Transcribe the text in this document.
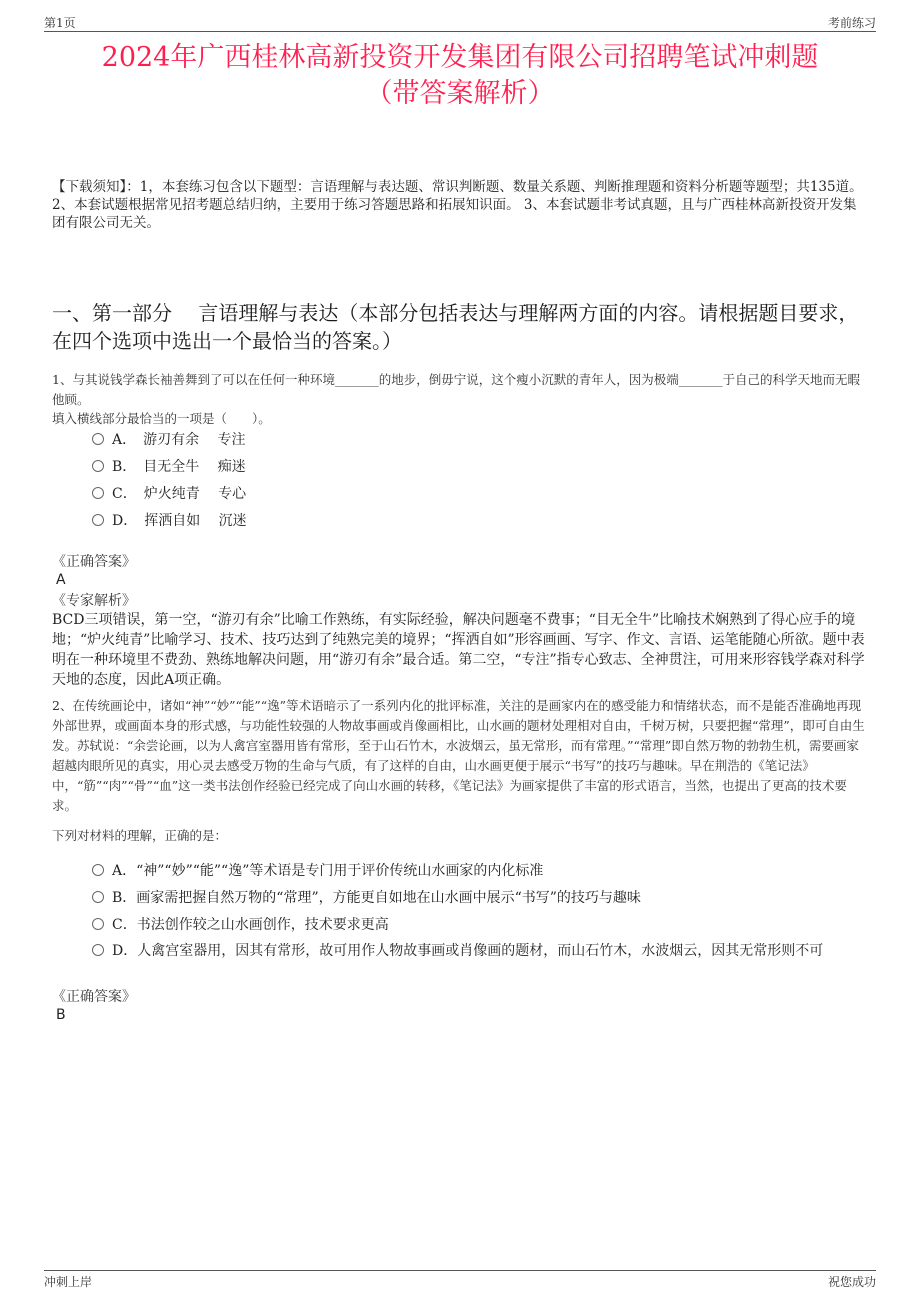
第1页	考前练习
2024年广西桂林高新投资开发集团有限公司招聘笔试冲刺题
（带答案解析）
【下载须知】：1，本套练习包含以下题型：言语理解与表达题、常识判断题、数量关系题、判断推理题和资料分析题等题型；共135道。 2、本套试题根据常见招考题总结归纳，主要用于练习答题思路和拓展知识面。 3、本套试题非考试真题，且与广西桂林高新投资开发集团有限公司无关。
一、第一部分　 言语理解与表达（本部分包括表达与理解两方面的内容。请根据题目要求，在四个选项中选出一个最恰当的答案。）
1、与其说钱学森长袖善舞到了可以在任何一种环境_______的地步，倒毋宁说，这个瘦小沉默的青年人，因为极端_______于自己的科学天地而无暇他顾。
填入横线部分最恰当的一项是（　　）。
A．　游刃有余　 专注
B．　目无全牛　 痴迷
C．　炉火纯青　 专心
D．　挥洒自如　 沉迷
《正确答案》
A
《专家解析》
BCD三项错误，第一空，“游刃有余”比喻工作熟练，有实际经验，解决问题毫不费事；“目无全牛”比喻技术娴熟到了得心应手的境地；“炉火纯青”比喻学习、技术、技巧达到了纯熟完美的境界；“挥洒自如”形容画画、写字、作文、言语、运笔能随心所欲。题中表明在一种环境里不费劲、熟练地解决问题，用“游刃有余”最合适。第二空，“专注”指专心致志、全神贯注，可用来形容钱学森对科学天地的态度，因此A项正确。
2、在传统画论中，诸如“神”“妙”“能”“逸”等术语暗示了一系列内化的批评标准，关注的是画家内在的感受能力和情绪状态，而不是能否准确地再现外部世界，或画面本身的形式感，与功能性较强的人物故事画或肖像画相比，山水画的题材处理相对自由，千树万树，只要把握“常理”，即可自由生发。苏轼说：“余尝论画，以为人禽宫室器用皆有常形，至于山石竹木，水波烟云，虽无常形，而有常理。”“常理”即自然万物的勃勃生机，需要画家超越肉眼所见的真实，用心灵去感受万物的生命与气质，有了这样的自由，山水画更便于展示“书写”的技巧与趣味。早在荆浩的《笔记法》中，“筋”“肉”“骨”“血”这一类书法创作经验已经完成了向山水画的转移，《笔记法》为画家提供了丰富的形式语言，当然，也提出了更高的技术要求。
下列对材料的理解，正确的是：
A．“神”“妙”“能”“逸”等术语是专门用于评价传统山水画家的内化标准
B．画家需把握自然万物的“常理”，方能更自如地在山水画中展示“书写”的技巧与趣味
C．书法创作较之山水画创作，技术要求更高
D．人禽宫室器用，因其有常形，故可用作人物故事画或肖像画的题材，而山石竹木，水波烟云，因其无常形则不可
《正确答案》
B
冲刺上岸	祝您成功
